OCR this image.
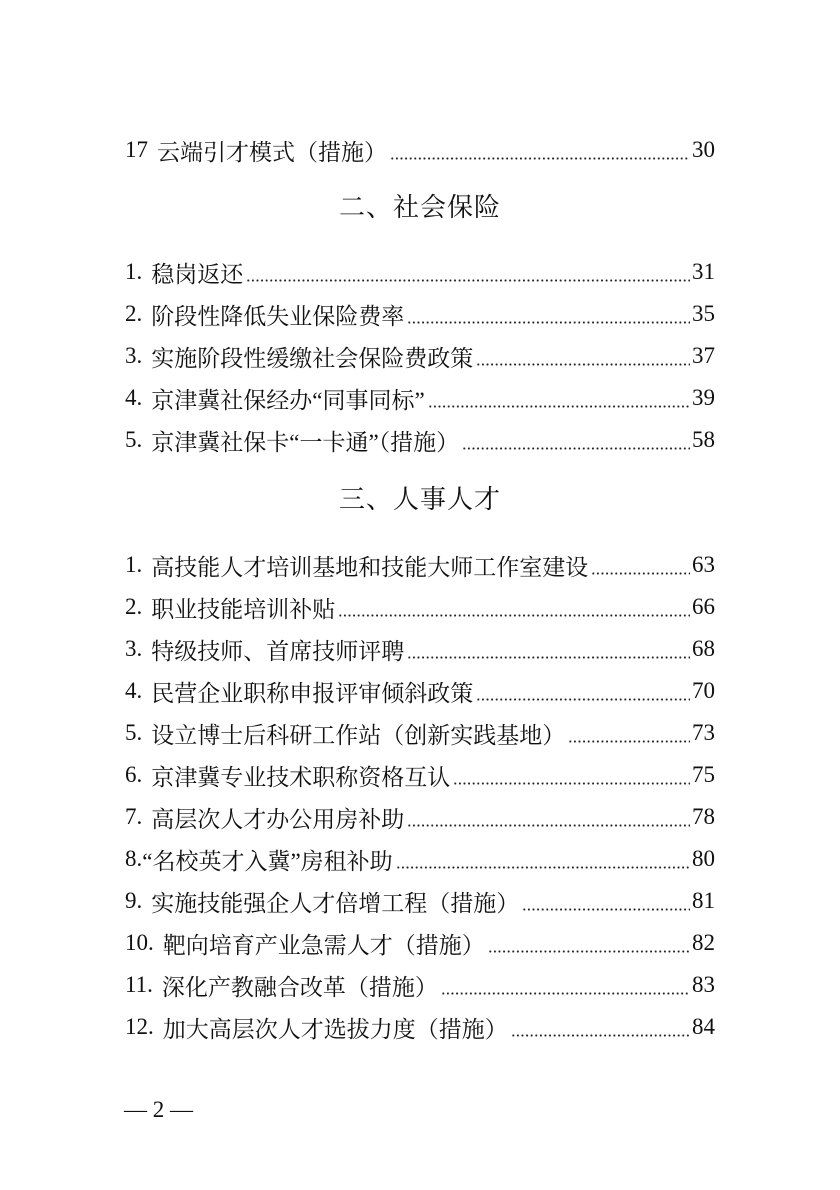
17 云端引才模式（措施）	30
二、社会保险
1. 稳岗返还	31
2. 阶段性降低失业保险费率	35
3. 实施阶段性缓缴社会保险费政策	37
4. 京津冀社保经办“同事同标”	39
5. 京津冀社保卡“一卡通”（措施）	58
三、人事人才
1. 高技能人才培训基地和技能大师工作室建设	63
2. 职业技能培训补贴	66
3. 特级技师、首席技师评聘	68
4. 民营企业职称申报评审倾斜政策	70
5. 设立博士后科研工作站（创新实践基地）	73
6. 京津冀专业技术职称资格互认	75
7. 高层次人才办公用房补助	78
8. “名校英才入冀”房租补助	80
9. 实施技能强企人才倍增工程（措施）	81
10. 靶向培育产业急需人才（措施）	82
11. 深化产教融合改革（措施）	83
12. 加大高层次人才选拔力度（措施）	84
— 2 —
